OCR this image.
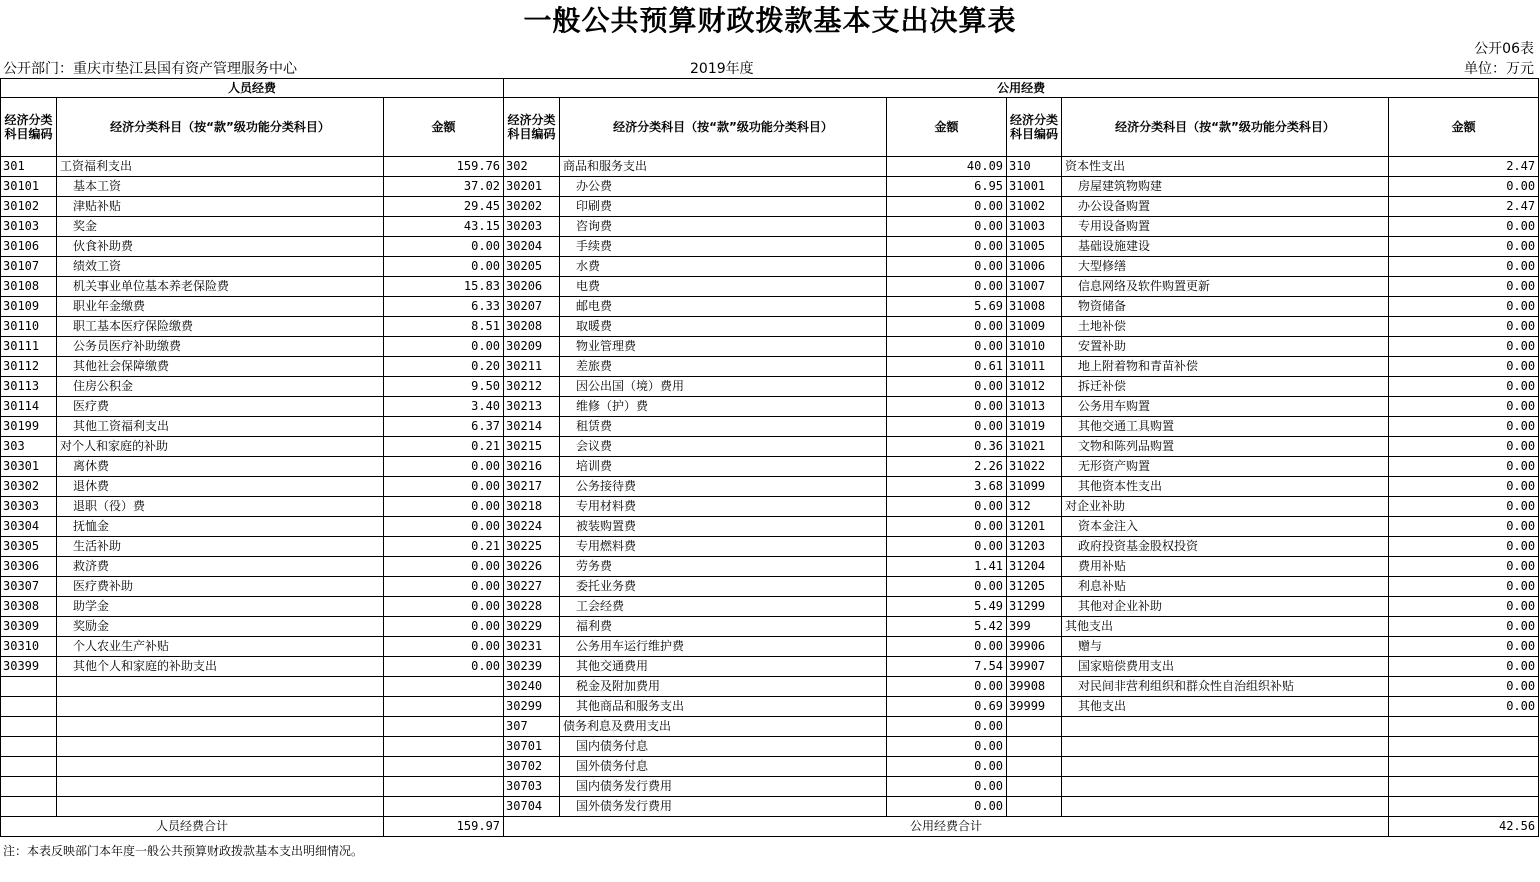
一般公共预算财政拨款基本支出决算表
公开06表
公开部门：重庆市垫江县国有资产管理服务中心	2019年度	单位：万元
人员经费			公用经费					
经济分类科目编码	经济分类科目（按“款”级功能分类科目）	金额	经济分类科目编码	经济分类科目（按“款”级功能分类科目）	金额	经济分类科目编码	经济分类科目（按“款”级功能分类科目）	金额
301	工资福利支出	159.76	302	商品和服务支出	40.09	310	资本性支出	2.47
30101	基本工资	37.02	30201	办公费	6.95	31001	房屋建筑物购建	0.00
30102	津贴补贴	29.45	30202	印刷费	0.00	31002	办公设备购置	2.47
30103	奖金	43.15	30203	咨询费	0.00	31003	专用设备购置	0.00
30106	伙食补助费	0.00	30204	手续费	0.00	31005	基础设施建设	0.00
30107	绩效工资	0.00	30205	水费	0.00	31006	大型修缮	0.00
30108	机关事业单位基本养老保险费	15.83	30206	电费	0.00	31007	信息网络及软件购置更新	0.00
30109	职业年金缴费	6.33	30207	邮电费	5.69	31008	物资储备	0.00
30110	职工基本医疗保险缴费	8.51	30208	取暖费	0.00	31009	土地补偿	0.00
30111	公务员医疗补助缴费	0.00	30209	物业管理费	0.00	31010	安置补助	0.00
30112	其他社会保障缴费	0.20	30211	差旅费	0.61	31011	地上附着物和青苗补偿	0.00
30113	住房公积金	9.50	30212	因公出国（境）费用	0.00	31012	拆迁补偿	0.00
30114	医疗费	3.40	30213	维修（护）费	0.00	31013	公务用车购置	0.00
30199	其他工资福利支出	6.37	30214	租赁费	0.00	31019	其他交通工具购置	0.00
303	对个人和家庭的补助	0.21	30215	会议费	0.36	31021	文物和陈列品购置	0.00
30301	离休费	0.00	30216	培训费	2.26	31022	无形资产购置	0.00
30302	退休费	0.00	30217	公务接待费	3.68	31099	其他资本性支出	0.00
30303	退职（役）费	0.00	30218	专用材料费	0.00	312	对企业补助	0.00
30304	抚恤金	0.00	30224	被装购置费	0.00	31201	资本金注入	0.00
30305	生活补助	0.21	30225	专用燃料费	0.00	31203	政府投资基金股权投资	0.00
30306	救济费	0.00	30226	劳务费	1.41	31204	费用补贴	0.00
30307	医疗费补助	0.00	30227	委托业务费	0.00	31205	利息补贴	0.00
30308	助学金	0.00	30228	工会经费	5.49	31299	其他对企业补助	0.00
30309	奖励金	0.00	30229	福利费	5.42	399	其他支出	0.00
30310	个人农业生产补贴	0.00	30231	公务用车运行维护费	0.00	39906	赠与	0.00
30399	其他个人和家庭的补助支出	0.00	30239	其他交通费用	7.54	39907	国家赔偿费用支出	0.00
			30240	税金及附加费用	0.00	39908	对民间非营利组织和群众性自治组织补贴	0.00
			30299	其他商品和服务支出	0.69	39999	其他支出	0.00
			307	债务利息及费用支出	0.00			
			30701	国内债务付息	0.00			
			30702	国外债务付息	0.00			
			30703	国内债务发行费用	0.00			
			30704	国外债务发行费用	0.00			
人员经费合计		159.97	公用经费合计					42.56
注：本表反映部门本年度一般公共预算财政拨款基本支出明细情况。
